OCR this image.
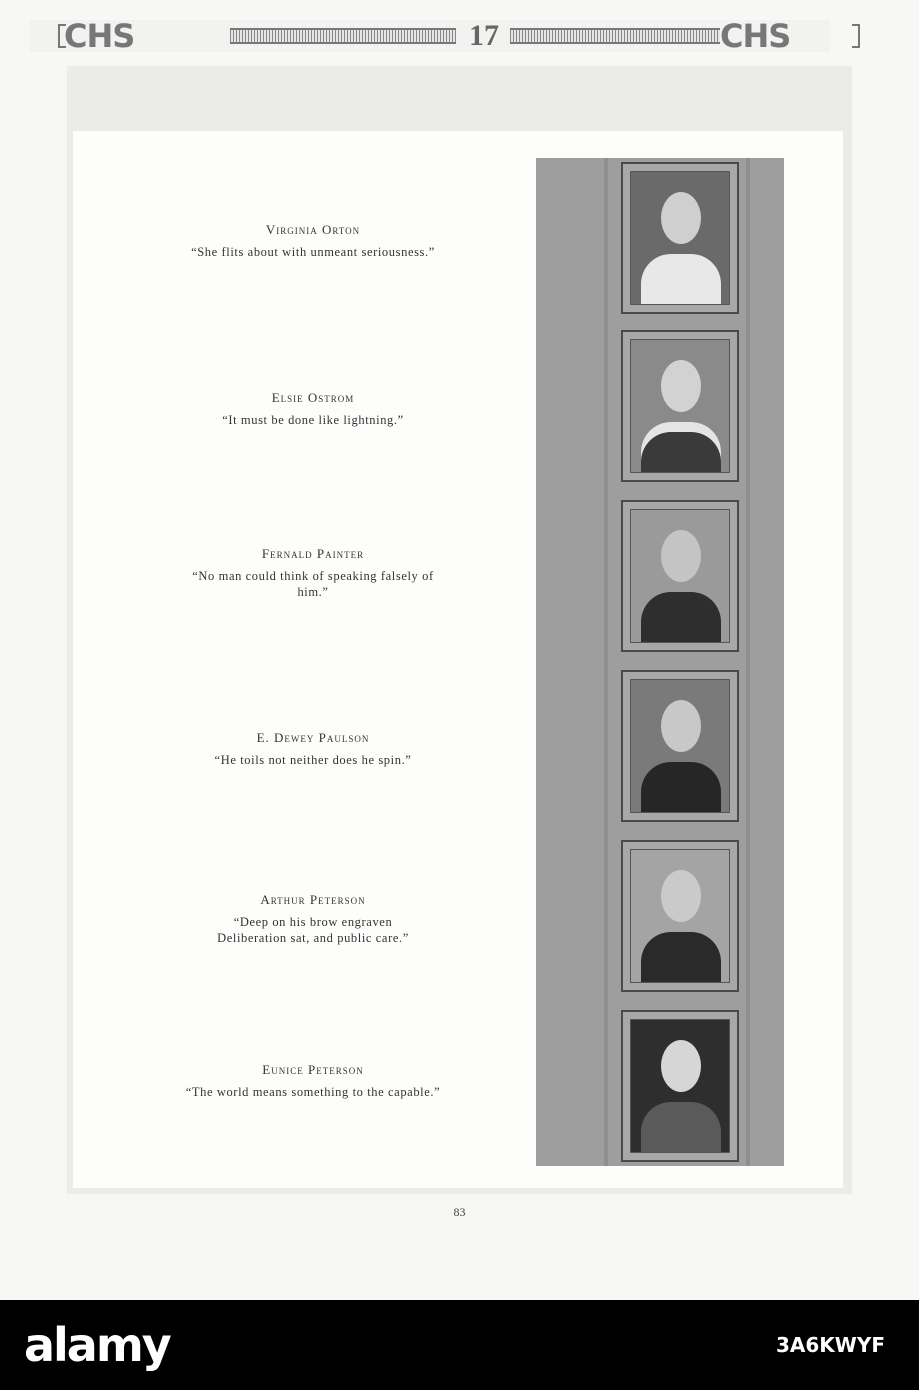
CHS	17	CHS
Virginia Orton
“She flits about with unmeant seriousness.”
Elsie Ostrom
“It must be done like lightning.”
Fernald Painter
“No man could think of speaking falsely of
him.”
E. Dewey Paulson
“He toils not neither does he spin.”
Arthur Peterson
“Deep on his brow engraven
Deliberation sat, and public care.”
Eunice Peterson
“The world means something to the capable.”
83
alamy	3A6KWYF
